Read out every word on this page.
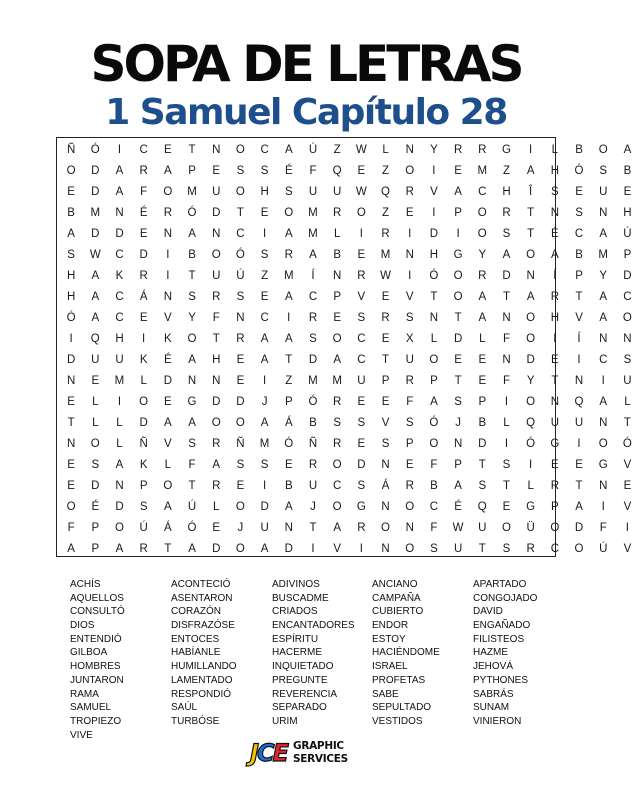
SOPA DE LETRAS
1 Samuel Capítulo 28
Ñ	Ó	I	C	E	T	N	O	C	A	Ú	Z	W	L	N	Y	R	R	G	I	L	B	O	A
O	D	A	R	A	P	E	S	S	É	F	Q	E	Z	O	I	E	M	Z	A	H	Ó	S	B
E	D	A	F	O	M	U	O	H	S	U	U	W	Q	R	V	A	C	H	Î	S	E	U	E
B	M	N	É	R	Ó	D	T	E	O	M	R	O	Z	E	I	P	O	R	T	N	S	N	H
A	D	D	E	N	A	N	C	I	A	M	L	I	R	I	D	I	O	S	T	É	C	A	Ú
S	W	C	D	I	B	O	Ó	S	R	A	B	E	M	N	H	G	Y	A	O	A	B	M	P
H	A	K	R	I	T	U	Ú	Z	M	Í	N	R	W	I	Ó	O	R	D	N	Í	P	Y	D
H	A	C	Á	N	S	R	S	E	A	C	P	V	E	V	T	O	A	T	A	R	T	A	C
Ó	A	C	E	V	Y	F	N	C	I	R	E	S	R	S	N	T	A	N	O	H	V	A	O
I	Q	H	I	K	O	T	R	A	A	S	O	C	E	X	L	D	L	F	O	I	Í	N	N
D	U	U	K	É	A	H	E	A	T	D	A	C	T	U	O	E	E	N	D	E	I	C	S
N	E	M	L	D	N	N	E	I	Z	M	M	U	P	R	P	T	E	F	Y	T	N	I	U
E	L	I	O	E	G	D	D	J	P	Ó	R	E	E	F	A	S	P	I	O	N	Q	A	L
T	L	L	D	A	A	O	O	A	Á	B	S	S	V	S	Ó	J	B	L	Q	U	U	N	T
N	O	L	Ñ	V	S	R	Ñ	M	Ó	Ñ	R	E	S	P	O	N	D	I	Ó	G	I	O	Ó
E	S	A	K	L	F	A	S	S	E	R	O	D	N	E	F	P	T	S	I	E	E	G	V
E	D	N	P	O	T	R	E	I	B	U	C	S	Á	R	B	A	S	T	L	R	T	N	E
O	É	D	S	A	Ú	L	O	D	A	J	O	G	N	O	C	É	Q	E	G	P	A	I	V
F	P	O	Ú	Á	Ó	E	J	U	N	T	A	R	O	N	F	W	U	O	Ü	O	D	F	I
A	P	A	R	T	A	D	O	A	D	I	V	I	N	O	S	U	T	S	R	C	O	Ú	V
ACHÍS
AQUELLOS
CONSULTÓ
DIOS
ENTENDIÓ
GILBOA
HOMBRES
JUNTARON
RAMA
SAMUEL
TROPIEZO
VIVE
ACONTECIÓ
ASENTARON
CORAZÓN
DISFRAZÓSE
ENTOCES
HABÍANLE
HUMILLANDO
LAMENTADO
RESPONDIÓ
SAÚL
TURBÓSE
ADIVINOS
BUSCADME
CRIADOS
ENCANTADORES
ESPÍRITU
HACERME
INQUIETADO
PREGUNTE
REVERENCIA
SEPARADO
URIM
ANCIANO
CAMPAÑA
CUBIERTO
ENDOR
ESTOY
HACIÉNDOME
ISRAEL
PROFETAS
SABE
SEPULTADO
VESTIDOS
APARTADO
CONGOJADO
DAVID
ENGAÑADO
FILISTEOS
HAZME
JEHOVÁ
PYTHONES
SABRÁS
SUNAM
VINIERON
JCE GRAPHIC
SERVICES
